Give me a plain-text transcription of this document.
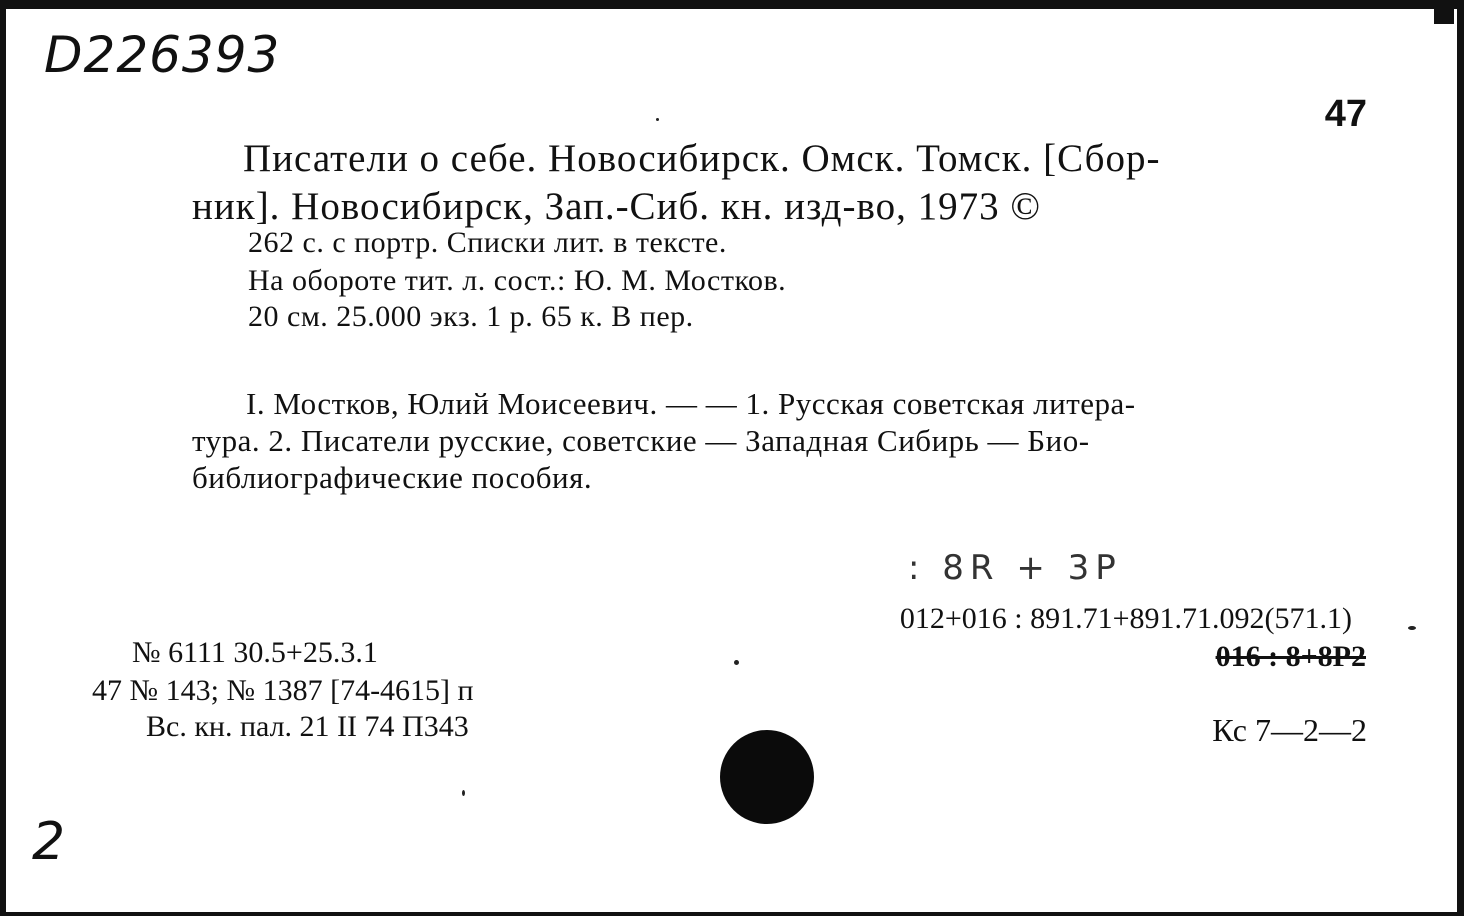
D226393
47
Писатели о себе. Новосибирск. Омск. Томск. [Сбор-
ник]. Новосибирск, Зап.-Сиб. кн. изд-во, 1973 ©
262 с. с портр. Списки лит. в тексте.
На обороте тит. л. сост.: Ю. М. Мостков.
20 см. 25.000 экз. 1 р. 65 к. В пер.
I. Мостков, Юлий Моисеевич. — — 1. Русская советская литера-
тура. 2. Писатели русские, советские — Западная Сибирь — Био-
библиографические пособия.
: 8R + 3P
012+016 : 891.71+891.71.092(571.1)
016 : 8+8P2
№ 6111 30.5+25.3.1
47 № 143; № 1387 [74-4615] п
Вс. кн. пал. 21 II 74 П343	Кс 7—2—2
2
